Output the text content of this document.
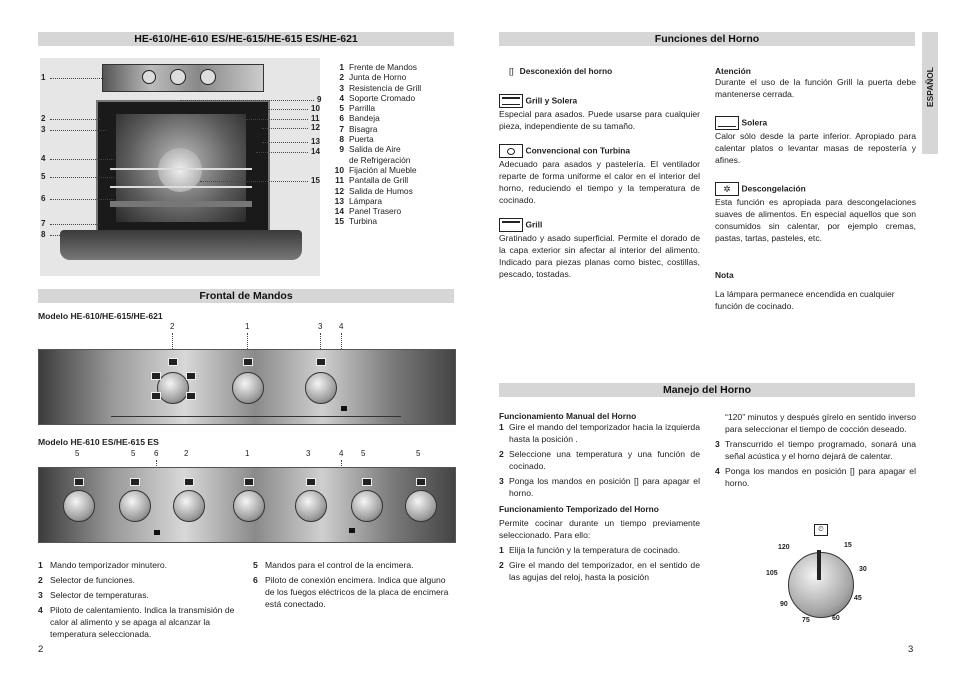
HE-610/HE-610 ES/HE-615/HE-615 ES/HE-621
1
2
3
4
5
6
7
8
9
10
11
12
13
14
15
1 Frente de Mandos
2 Junta de Horno
3 Resistencia de Grill
4 Soporte Cromado
5 Parrilla
6 Bandeja
7 Bisagra
8 Puerta
9 Salida de Aire
de Refrigeración
10 Fijación al Mueble
11 Pantalla de Grill
12 Salida de Humos
13 Lámpara
14 Panel Trasero
15 Turbina
Frontal de Mandos
Modelo HE-610/HE-615/HE-621
2	1	3 4
Modelo HE-610 ES/HE-615 ES
5	5 6	2	1	3	4 5	5
1 Mando temporizador minutero.
2 Selector de funciones.
3 Selector de temperaturas.
4 Piloto de calentamiento. Indica la transmisión de calor al alimento y se apaga al alcanzar la temperatura seleccionada.
5 Mandos para el control de la encimera.
6 Piloto de conexión encimera. Indica que alguno de los fuegos eléctricos de la placa de encimera está conectado.
2
Funciones del Horno
ESPAÑOL
[] Desconexión del horno
Grill y Solera
Especial para asados. Puede usarse para cualquier pieza, independiente de su tamaño.
Convencional con Turbina
Adecuado para asados y pastelería. El ventilador reparte de forma uniforme el calor en el interior del horno, reduciendo el tiempo y la temperatura de cocinado.
Grill
Gratinado y asado superficial. Permite el dorado de la capa exterior sin afectar al interior del alimento. Indicado para piezas planas como bistec, costillas, pescado, tostadas.
Atención
Durante el uso de la función Grill la puerta debe mantenerse cerrada.
Solera
Calor sólo desde la parte inferior. Apropiado para calentar platos o levantar masas de repostería y afines.
✲ Descongelación
Esta función es apropiada para descongelaciones suaves de alimentos. En especial aquellos que son consumidos sin calentar, por ejemplo cremas, pastas, tartas, pasteles, etc.
Nota
La lámpara permanece encendida en cualquier función de cocinado.
Manejo del Horno
Funcionamiento Manual del Horno
1 Gire el mando del temporizador hacia la izquierda hasta la posición .
2 Seleccione una temperatura y una función de cocinado.
3 Ponga los mandos en posición [] para apagar el horno.
Funcionamiento Temporizado del Horno
Permite cocinar durante un tiempo previamente seleccionado. Para ello:
1 Elija la función y la temperatura de cocinado.
2 Gire el mando del temporizador, en el sentido de las agujas del reloj, hasta la posición
“120” minutos y después gírelo en sentido inverso para seleccionar el tiempo de cocción deseado.
3 Transcurrido el tiempo programado, sonará una señal acústica y el horno dejará de calentar.
4 Ponga los mandos en posición [] para apagar el horno.
⏲
120	15
105
30
90
45
75	60
3
